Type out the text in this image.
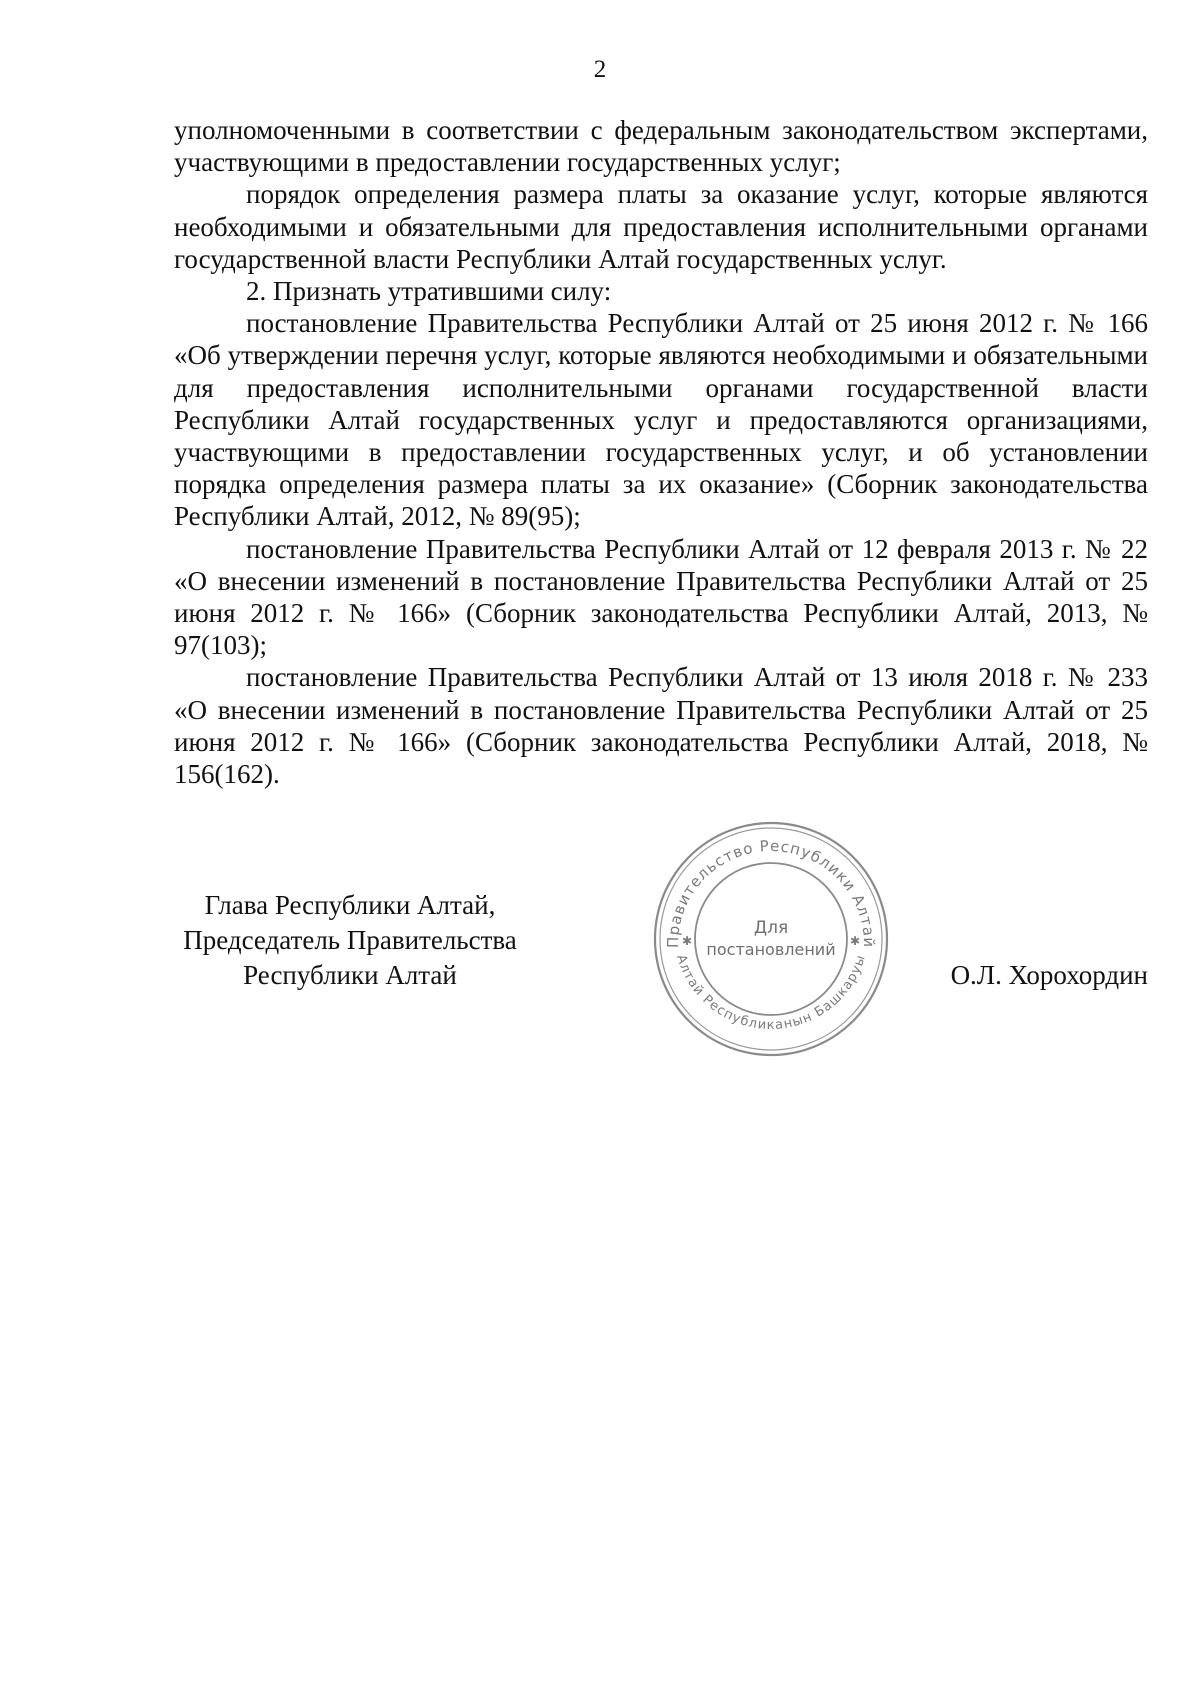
2

уполномоченными в соответствии с федеральным законодательством экспертами, участвующими в предоставлении государственных услуг;

порядок определения размера платы за оказание услуг, которые являются необходимыми и обязательными для предоставления исполнительными органами государственной власти Республики Алтай государственных услуг.

2. Признать утратившими силу:

постановление Правительства Республики Алтай от 25 июня 2012 г. № 166 «Об утверждении перечня услуг, которые являются необходимыми и обязательными для предоставления исполнительными органами государственной власти Республики Алтай государственных услуг и предоставляются организациями, участвующими в предоставлении государственных услуг, и об установлении порядка определения размера платы за их оказание» (Сборник законодательства Республики Алтай, 2012, № 89(95);

постановление Правительства Республики Алтай от 12 февраля 2013 г. № 22 «О внесении изменений в постановление Правительства Республики Алтай от 25 июня 2012 г. № 166» (Сборник законодательства Республики Алтай, 2013, № 97(103);

постановление Правительства Республики Алтай от 13 июля 2018 г. № 233 «О внесении изменений в постановление Правительства Республики Алтай от 25 июня 2012 г. № 166» (Сборник законодательства Республики Алтай, 2018, № 156(162).

Глава Республики Алтай,
Председатель Правительства
Республики Алтай
Правительство Республики Алтай
Алтай Республиканын Башкаруы
✱	✱
Для
постановлений
О.Л. Хорохордин
